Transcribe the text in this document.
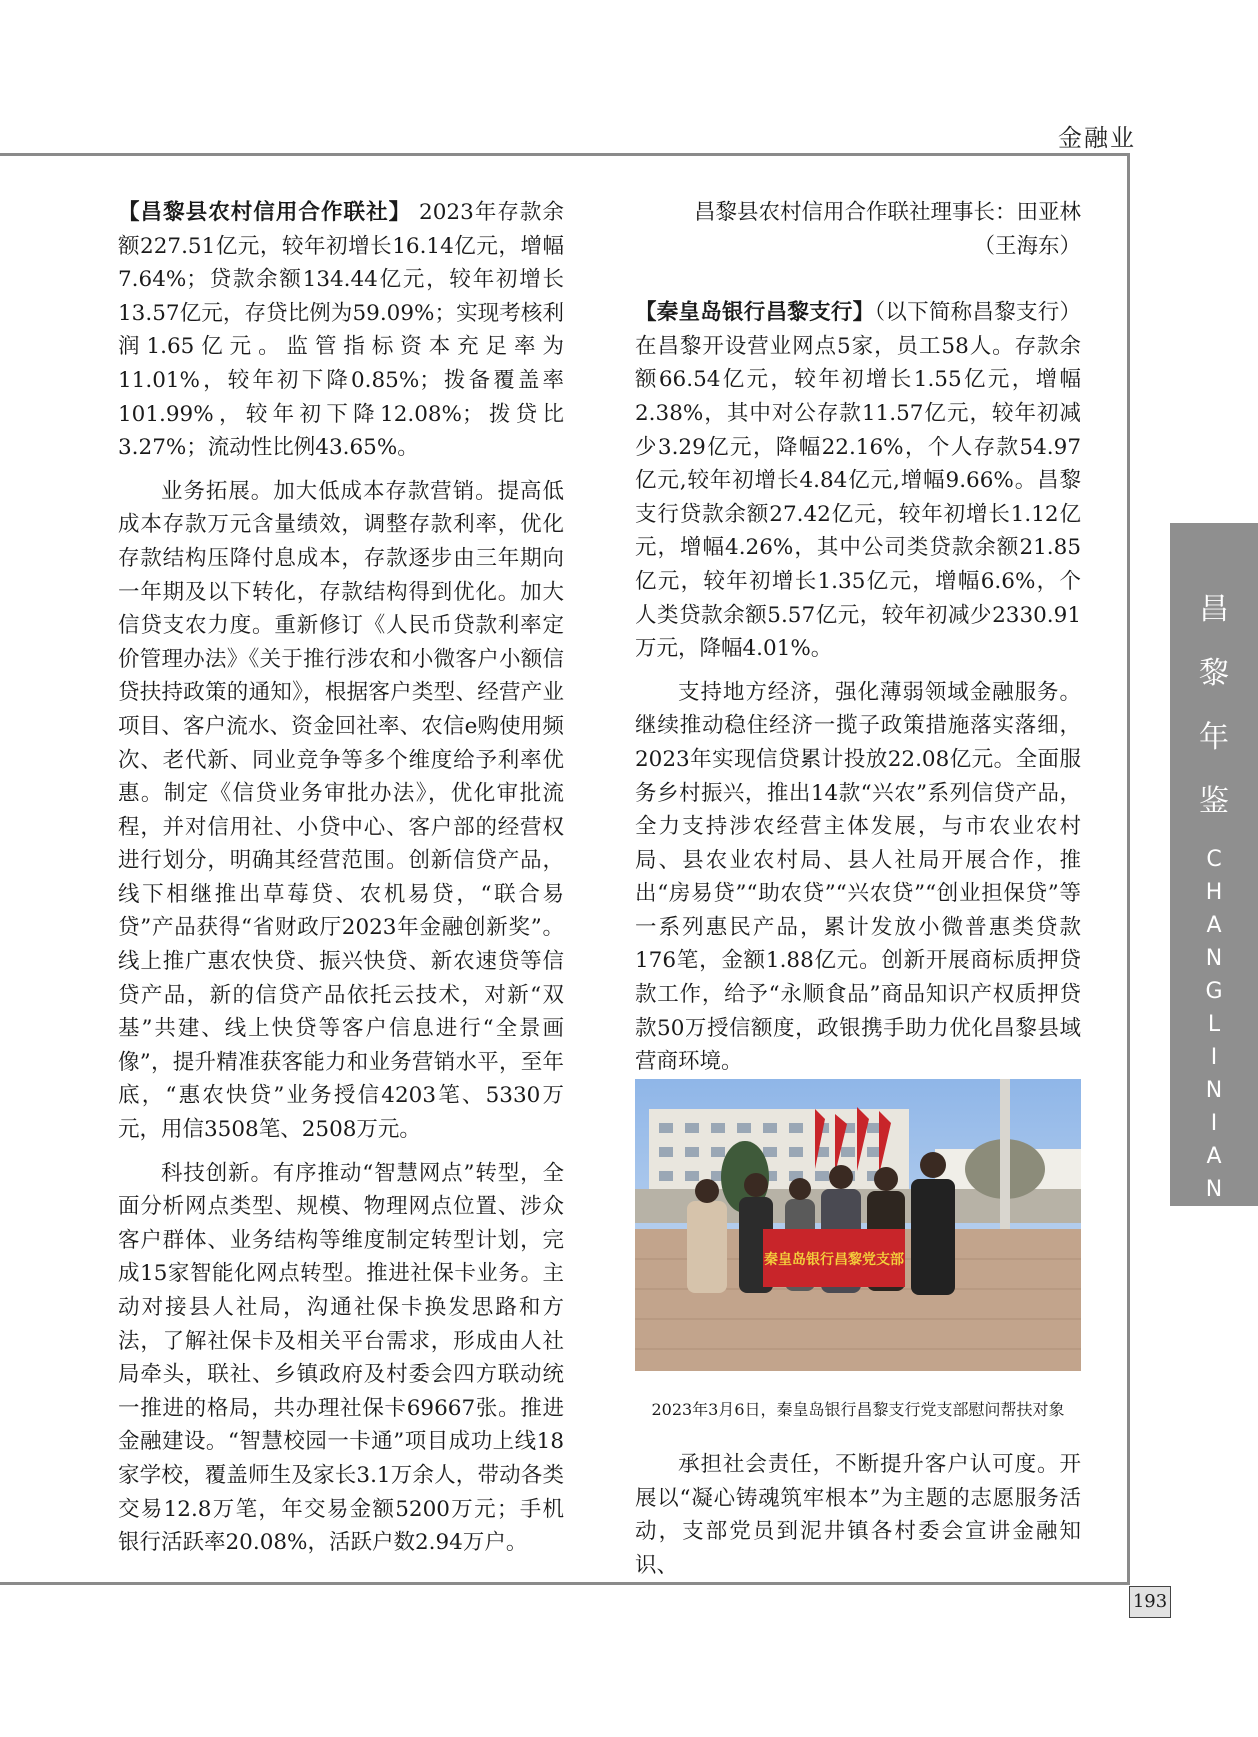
金融业
昌
黎
年
鉴
C
H
A
N
G
L
I
N
I
A
N
J
I
A
N

【昌黎县农村信用合作联社】 2023年存款余额227.51亿元，较年初增长16.14亿元，增幅7.64%；贷款余额134.44亿元，较年初增长13.57亿元，存贷比例为59.09%；实现考核利润1.65亿元。监管指标资本充足率为11.01%，较年初下降0.85%；拨备覆盖率101.99%，较年初下降12.08%；拨贷比3.27%；流动性比例43.65%。

业务拓展。加大低成本存款营销。提高低成本存款万元含量绩效，调整存款利率，优化存款结构压降付息成本，存款逐步由三年期向一年期及以下转化，存款结构得到优化。加大信贷支农力度。重新修订《人民币贷款利率定价管理办法》《关于推行涉农和小微客户小额信贷扶持政策的通知》，根据客户类型、经营产业项目、客户流水、资金回社率、农信e购使用频次、老代新、同业竞争等多个维度给予利率优惠。制定《信贷业务审批办法》，优化审批流程，并对信用社、小贷中心、客户部的经营权进行划分，明确其经营范围。创新信贷产品，线下相继推出草莓贷、农机易贷，“联合易贷”产品获得“省财政厅2023年金融创新奖”。线上推广惠农快贷、振兴快贷、新农速贷等信贷产品，新的信贷产品依托云技术，对新“双基”共建、线上快贷等客户信息进行“全景画像”，提升精准获客能力和业务营销水平，至年底，“惠农快贷”业务授信4203笔、5330万元，用信3508笔、2508万元。

科技创新。有序推动“智慧网点”转型，全面分析网点类型、规模、物理网点位置、涉众客户群体、业务结构等维度制定转型计划，完成15家智能化网点转型。推进社保卡业务。主动对接县人社局，沟通社保卡换发思路和方法，了解社保卡及相关平台需求，形成由人社局牵头，联社、乡镇政府及村委会四方联动统一推进的格局，共办理社保卡69667张。推进金融建设。“智慧校园一卡通”项目成功上线18家学校，覆盖师生及家长3.1万余人，带动各类交易12.8万笔，年交易金额5200万元；手机银行活跃率20.08%，活跃户数2.94万户。

昌黎县农村信用合作联社理事长：田亚林

（王海东）

【秦皇岛银行昌黎支行】（以下简称昌黎支行）在昌黎开设营业网点5家，员工58人。存款余额66.54亿元，较年初增长1.55亿元，增幅2.38%，其中对公存款11.57亿元，较年初减少3.29亿元，降幅22.16%，个人存款54.97亿元,较年初增长4.84亿元,增幅9.66%。昌黎支行贷款余额27.42亿元，较年初增长1.12亿元，增幅4.26%，其中公司类贷款余额21.85亿元，较年初增长1.35亿元，增幅6.6%，个人类贷款余额5.57亿元，较年初减少2330.91万元，降幅4.01%。

支持地方经济，强化薄弱领域金融服务。继续推动稳住经济一揽子政策措施落实落细，2023年实现信贷累计投放22.08亿元。全面服务乡村振兴，推出14款“兴农”系列信贷产品，全力支持涉农经营主体发展，与市农业农村局、县农业农村局、县人社局开展合作，推出“房易贷”“助农贷”“兴农贷”“创业担保贷”等一系列惠民产品，累计发放小微普惠类贷款176笔，金额1.88亿元。创新开展商标质押贷款工作，给予“永顺食品”商品知识产权质押贷款50万授信额度，政银携手助力优化昌黎县域营商环境。

秦皇岛银行昌黎党支部
2023年3月6日，秦皇岛银行昌黎支行党支部慰问帮扶对象

承担社会责任，不断提升客户认可度。开展以“凝心铸魂筑牢根本”为主题的志愿服务活动，支部党员到泥井镇各村委会宣讲金融知识、

193
